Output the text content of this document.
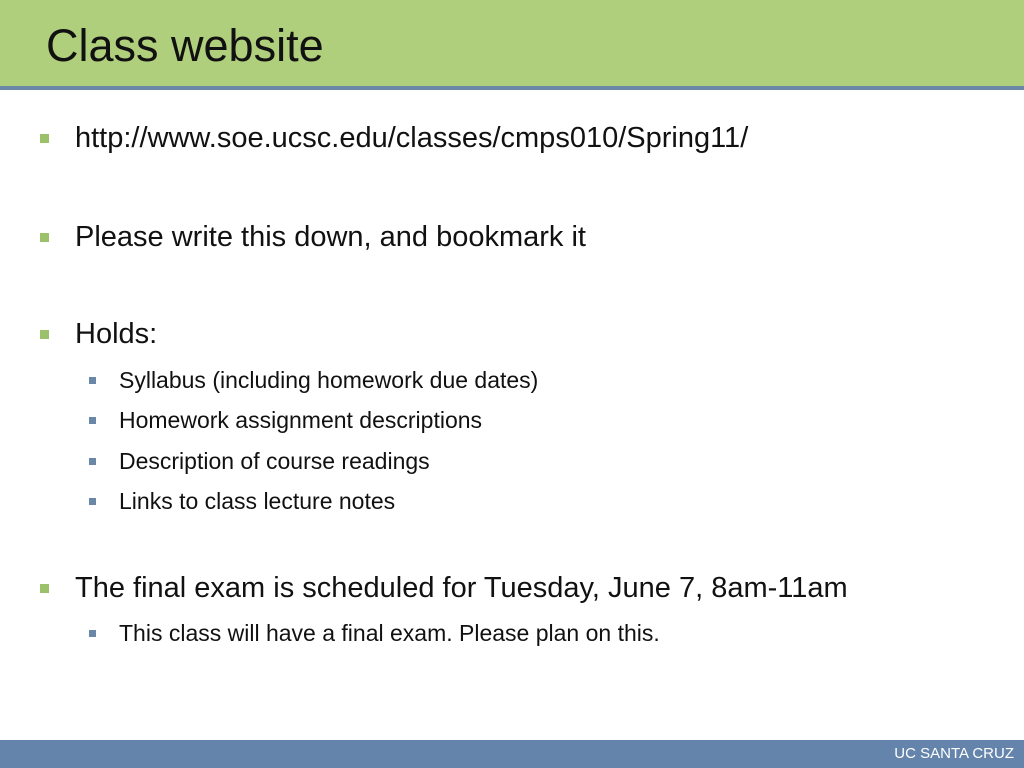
Class website
http://www.soe.ucsc.edu/classes/cmps010/Spring11/
Please write this down, and bookmark it
Holds:
Syllabus (including homework due dates)
Homework assignment descriptions
Description of course readings
Links to class lecture notes
The final exam is scheduled for Tuesday, June 7, 8am-11am
This class will have a final exam. Please plan on this.
UC SANTA CRUZ
